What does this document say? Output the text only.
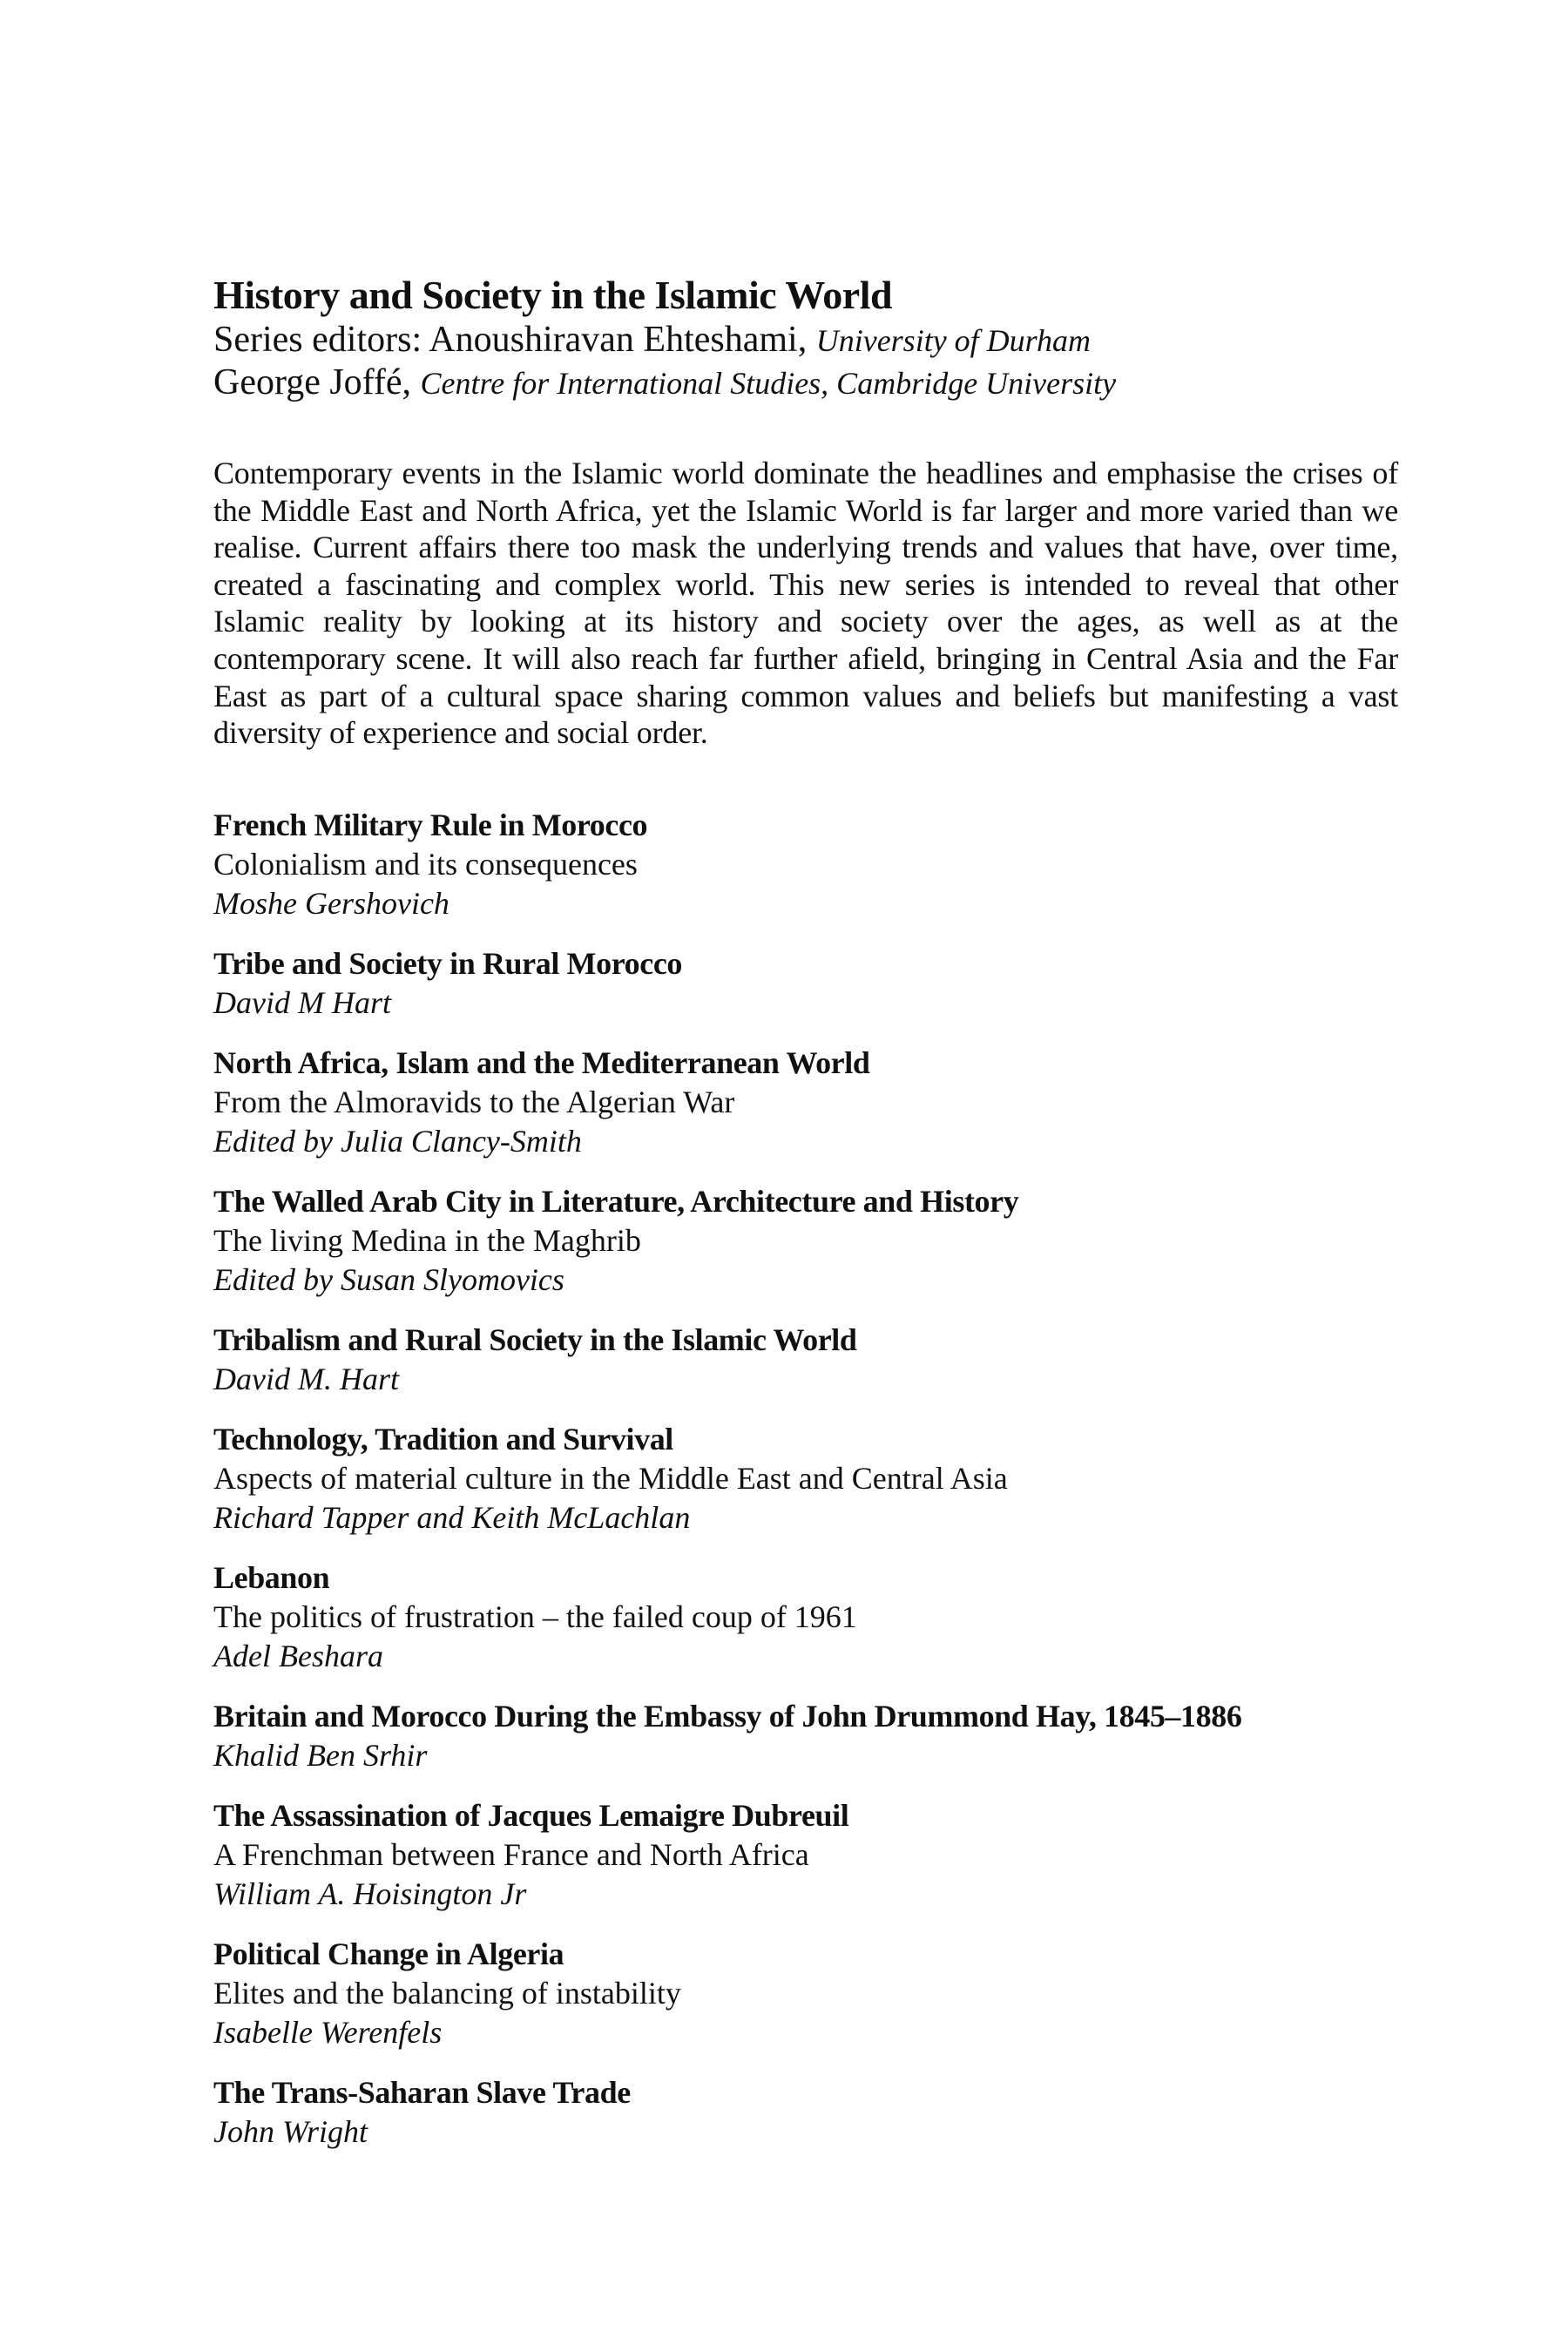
History and Society in the Islamic World

Series editors: Anoushiravan Ehteshami, University of Durham

George Joffé, Centre for International Studies, Cambridge University

Contemporary events in the Islamic world dominate the headlines and emphasise the crises of the Middle East and North Africa, yet the Islamic World is far larger and more varied than we realise. Current affairs there too mask the underlying trends and values that have, over time, created a fascinating and complex world. This new series is intended to reveal that other Islamic reality by looking at its history and society over the ages, as well as at the contemporary scene. It will also reach far further afield, bringing in Central Asia and the Far East as part of a cultural space sharing common values and beliefs but manifesting a vast diversity of experience and social order.

French Military Rule in Morocco
Colonialism and its consequences
Moshe Gershovich
Tribe and Society in Rural Morocco
David M Hart
North Africa, Islam and the Mediterranean World
From the Almoravids to the Algerian War
Edited by Julia Clancy-Smith
The Walled Arab City in Literature, Architecture and History
The living Medina in the Maghrib
Edited by Susan Slyomovics
Tribalism and Rural Society in the Islamic World
David M. Hart
Technology, Tradition and Survival
Aspects of material culture in the Middle East and Central Asia
Richard Tapper and Keith McLachlan
Lebanon
The politics of frustration – the failed coup of 1961
Adel Beshara
Britain and Morocco During the Embassy of John Drummond Hay, 1845–1886
Khalid Ben Srhir
The Assassination of Jacques Lemaigre Dubreuil
A Frenchman between France and North Africa
William A. Hoisington Jr
Political Change in Algeria
Elites and the balancing of instability
Isabelle Werenfels
The Trans-Saharan Slave Trade
John Wright
